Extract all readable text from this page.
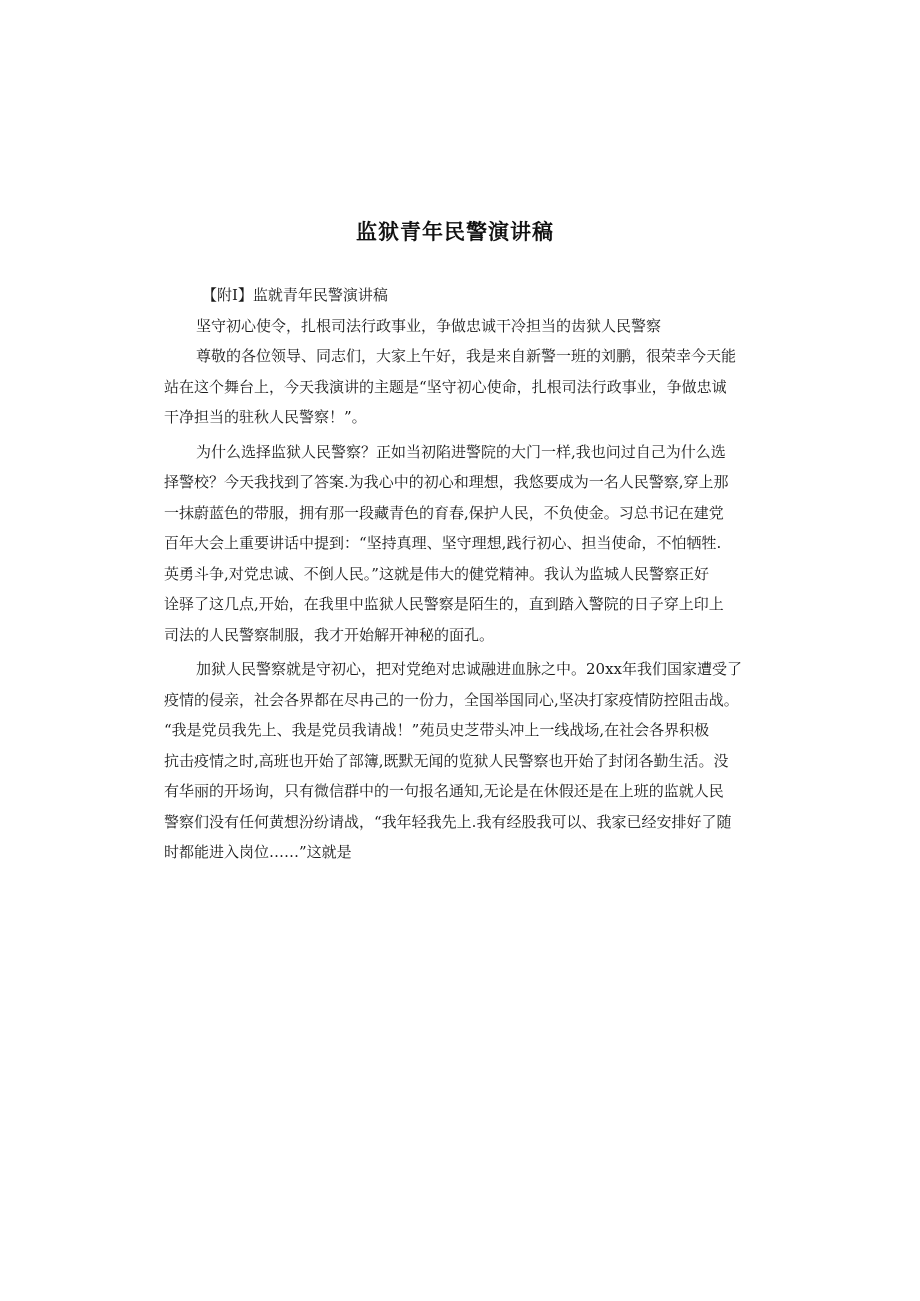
监狱青年民警演讲稿
【附Ⅰ】监就青年民警演讲稿
坚守初心使令，扎根司法行政事业，争做忠诚干冷担当的齿狱人民警察
尊敬的各位领导、同志们，大家上午好，我是来自新警一班的刘鹏，很荣幸今天能
站在这个舞台上，今天我演讲的主题是“坚守初心使命，扎根司法行政事业，争做忠诚
干净担当的驻秋人民警察！”。
为什么选择监狱人民警察？正如当初陷进警院的大门一样,我也问过自己为什么选
择警校？今天我找到了答案.为我心中的初心和理想，我悠要成为一名人民警察,穿上那
一抹蔚蓝色的带服，拥有那一段藏青色的育春,保护人民，不负使金。习总书记在建党
百年大会上重要讲话中提到：“坚持真理、坚守理想,践行初心、担当使命，不怕牺牲.
英勇斗争,对党忠诚、不倒人民。”这就是伟大的健党精神。我认为监城人民警察正好
诠驿了这几点,开始，在我里中监狱人民警察是陌生的，直到踏入警院的日子穿上印上
司法的人民警察制服，我才开始解开神秘的面孔。
加狱人民警察就是守初心，把对党绝对忠诚融进血脉之中。20xx年我们国家遭受了
疫情的侵亲，社会各界都在尽冉己的一份力，全国举国同心,坚决打家疫情防控阻击战。
“我是党员我先上、我是党员我请战！”苑员史芝带头冲上一线战场,在社会各界积极
抗击疫情之时,高班也开始了部簿,既默无闻的览狱人民警察也开始了封闭各勤生活。没
有华丽的开场询，只有微信群中的一句报名通知,无论是在休假还是在上班的监就人民
警察们没有任何黄想汾纷请战，“我年轻我先上.我有经股我可以、我家已经安排好了随
时都能进入岗位……”这就是
